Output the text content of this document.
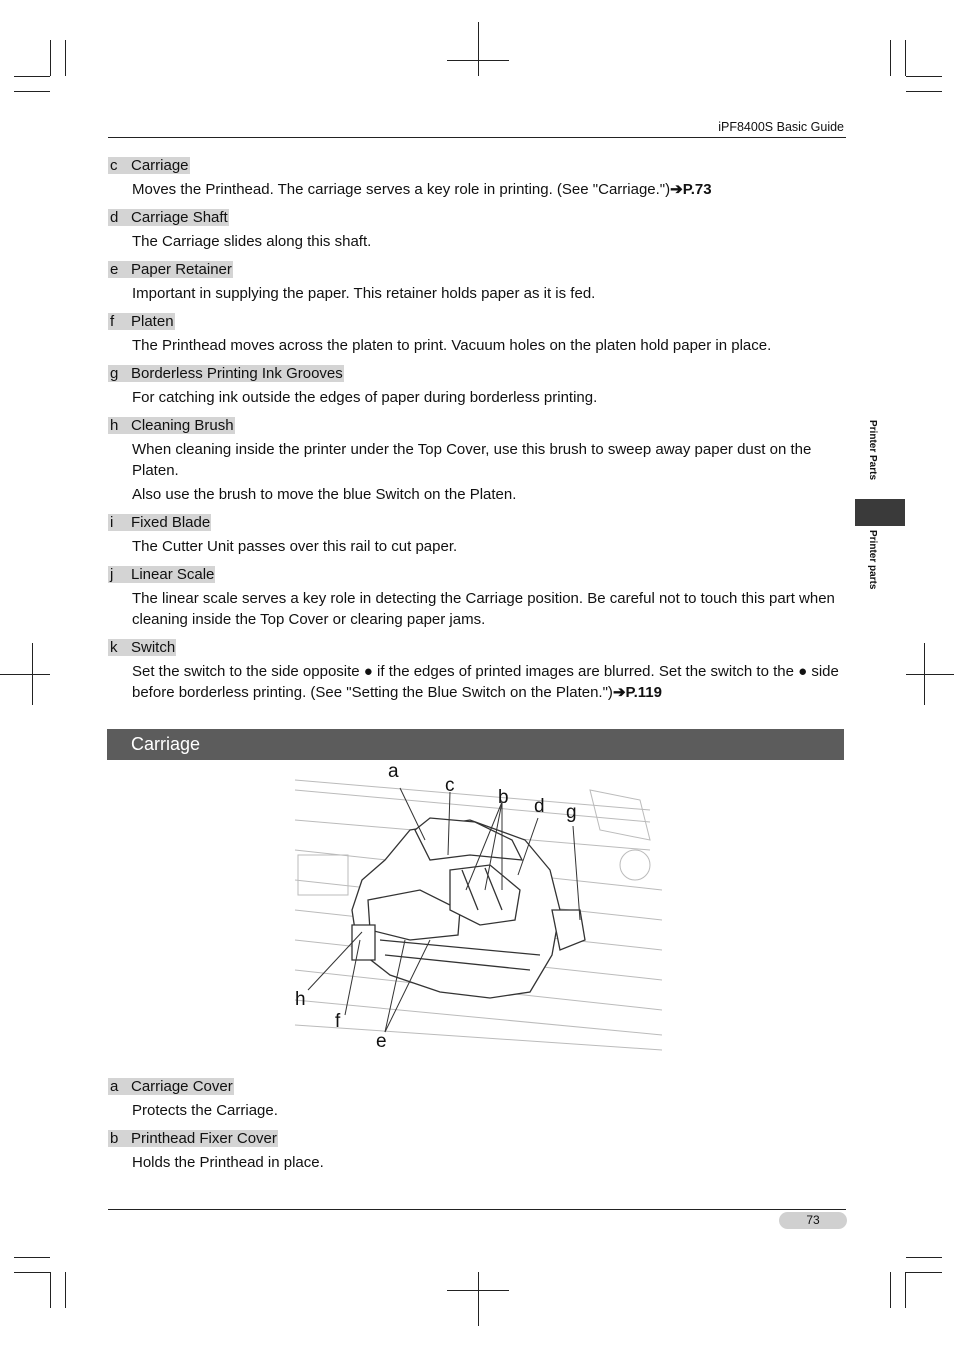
iPF8400S Basic Guide
c Carriage

Moves the Printhead. The carriage serves a key role in printing. (See "Carriage.")➔P.73

d Carriage Shaft

The Carriage slides along this shaft.

e Paper Retainer

Important in supplying the paper. This retainer holds paper as it is fed.

f	Platen

The Printhead moves across the platen to print. Vacuum holes on the platen hold paper in place.

g Borderless Printing Ink Grooves

For catching ink outside the edges of paper during borderless printing.

h Cleaning Brush

When cleaning inside the printer under the Top Cover, use this brush to sweep away paper dust on the Platen.

Also use the brush to move the blue Switch on the Platen.

i	Fixed Blade

The Cutter Unit passes over this rail to cut paper.

j	Linear Scale

The linear scale serves a key role in detecting the Carriage position. Be careful not to touch this part when cleaning inside the Top Cover or clearing paper jams.

k Switch

Set the switch to the side opposite ● if the edges of printed images are blurred. Set the switch to the ● side before borderless printing. (See "Setting the Blue Switch on the Platen.")➔P.119

Carriage
a
c
b d g
h
f
e
a Carriage Cover

Protects the Carriage.

b Printhead Fixer Cover

Holds the Printhead in place.

Printer Parts
Printer parts
73
